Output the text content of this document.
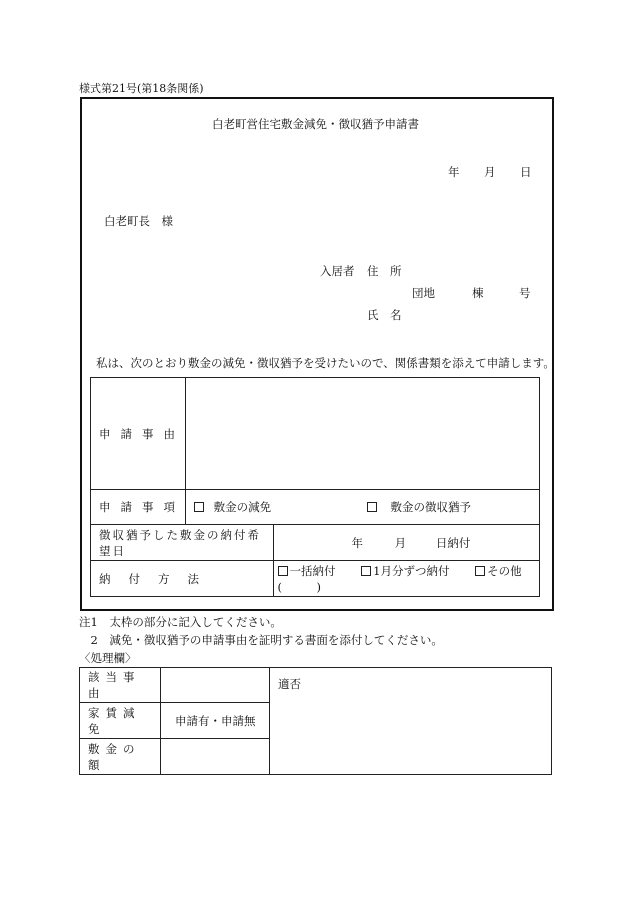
様式第21号(第18条関係)
白老町営住宅敷金減免・徴収猶予申請書
年 月 日
白老町長　様
入居者 住　所
団地	棟	号
氏　名
私は、次のとおり敷金の減免・徴収猶予を受けたいので、関係書類を添えて申請します。
申請事由		
申請事項	敷金の減免 敷金の徴収猶予	
徴収猶予した敷金の納付希望日		年 月 日納付
納付方法		一括納付 1月分ずつ納付 その他(　　　)
注1　太枠の部分に記入してください。
　2　減免・徴収猶予の申請事由を証明する書面を添付してください。
〈処理欄〉
該当事由		適否
家賃減免	申請有・申請無	
敷金の額		
